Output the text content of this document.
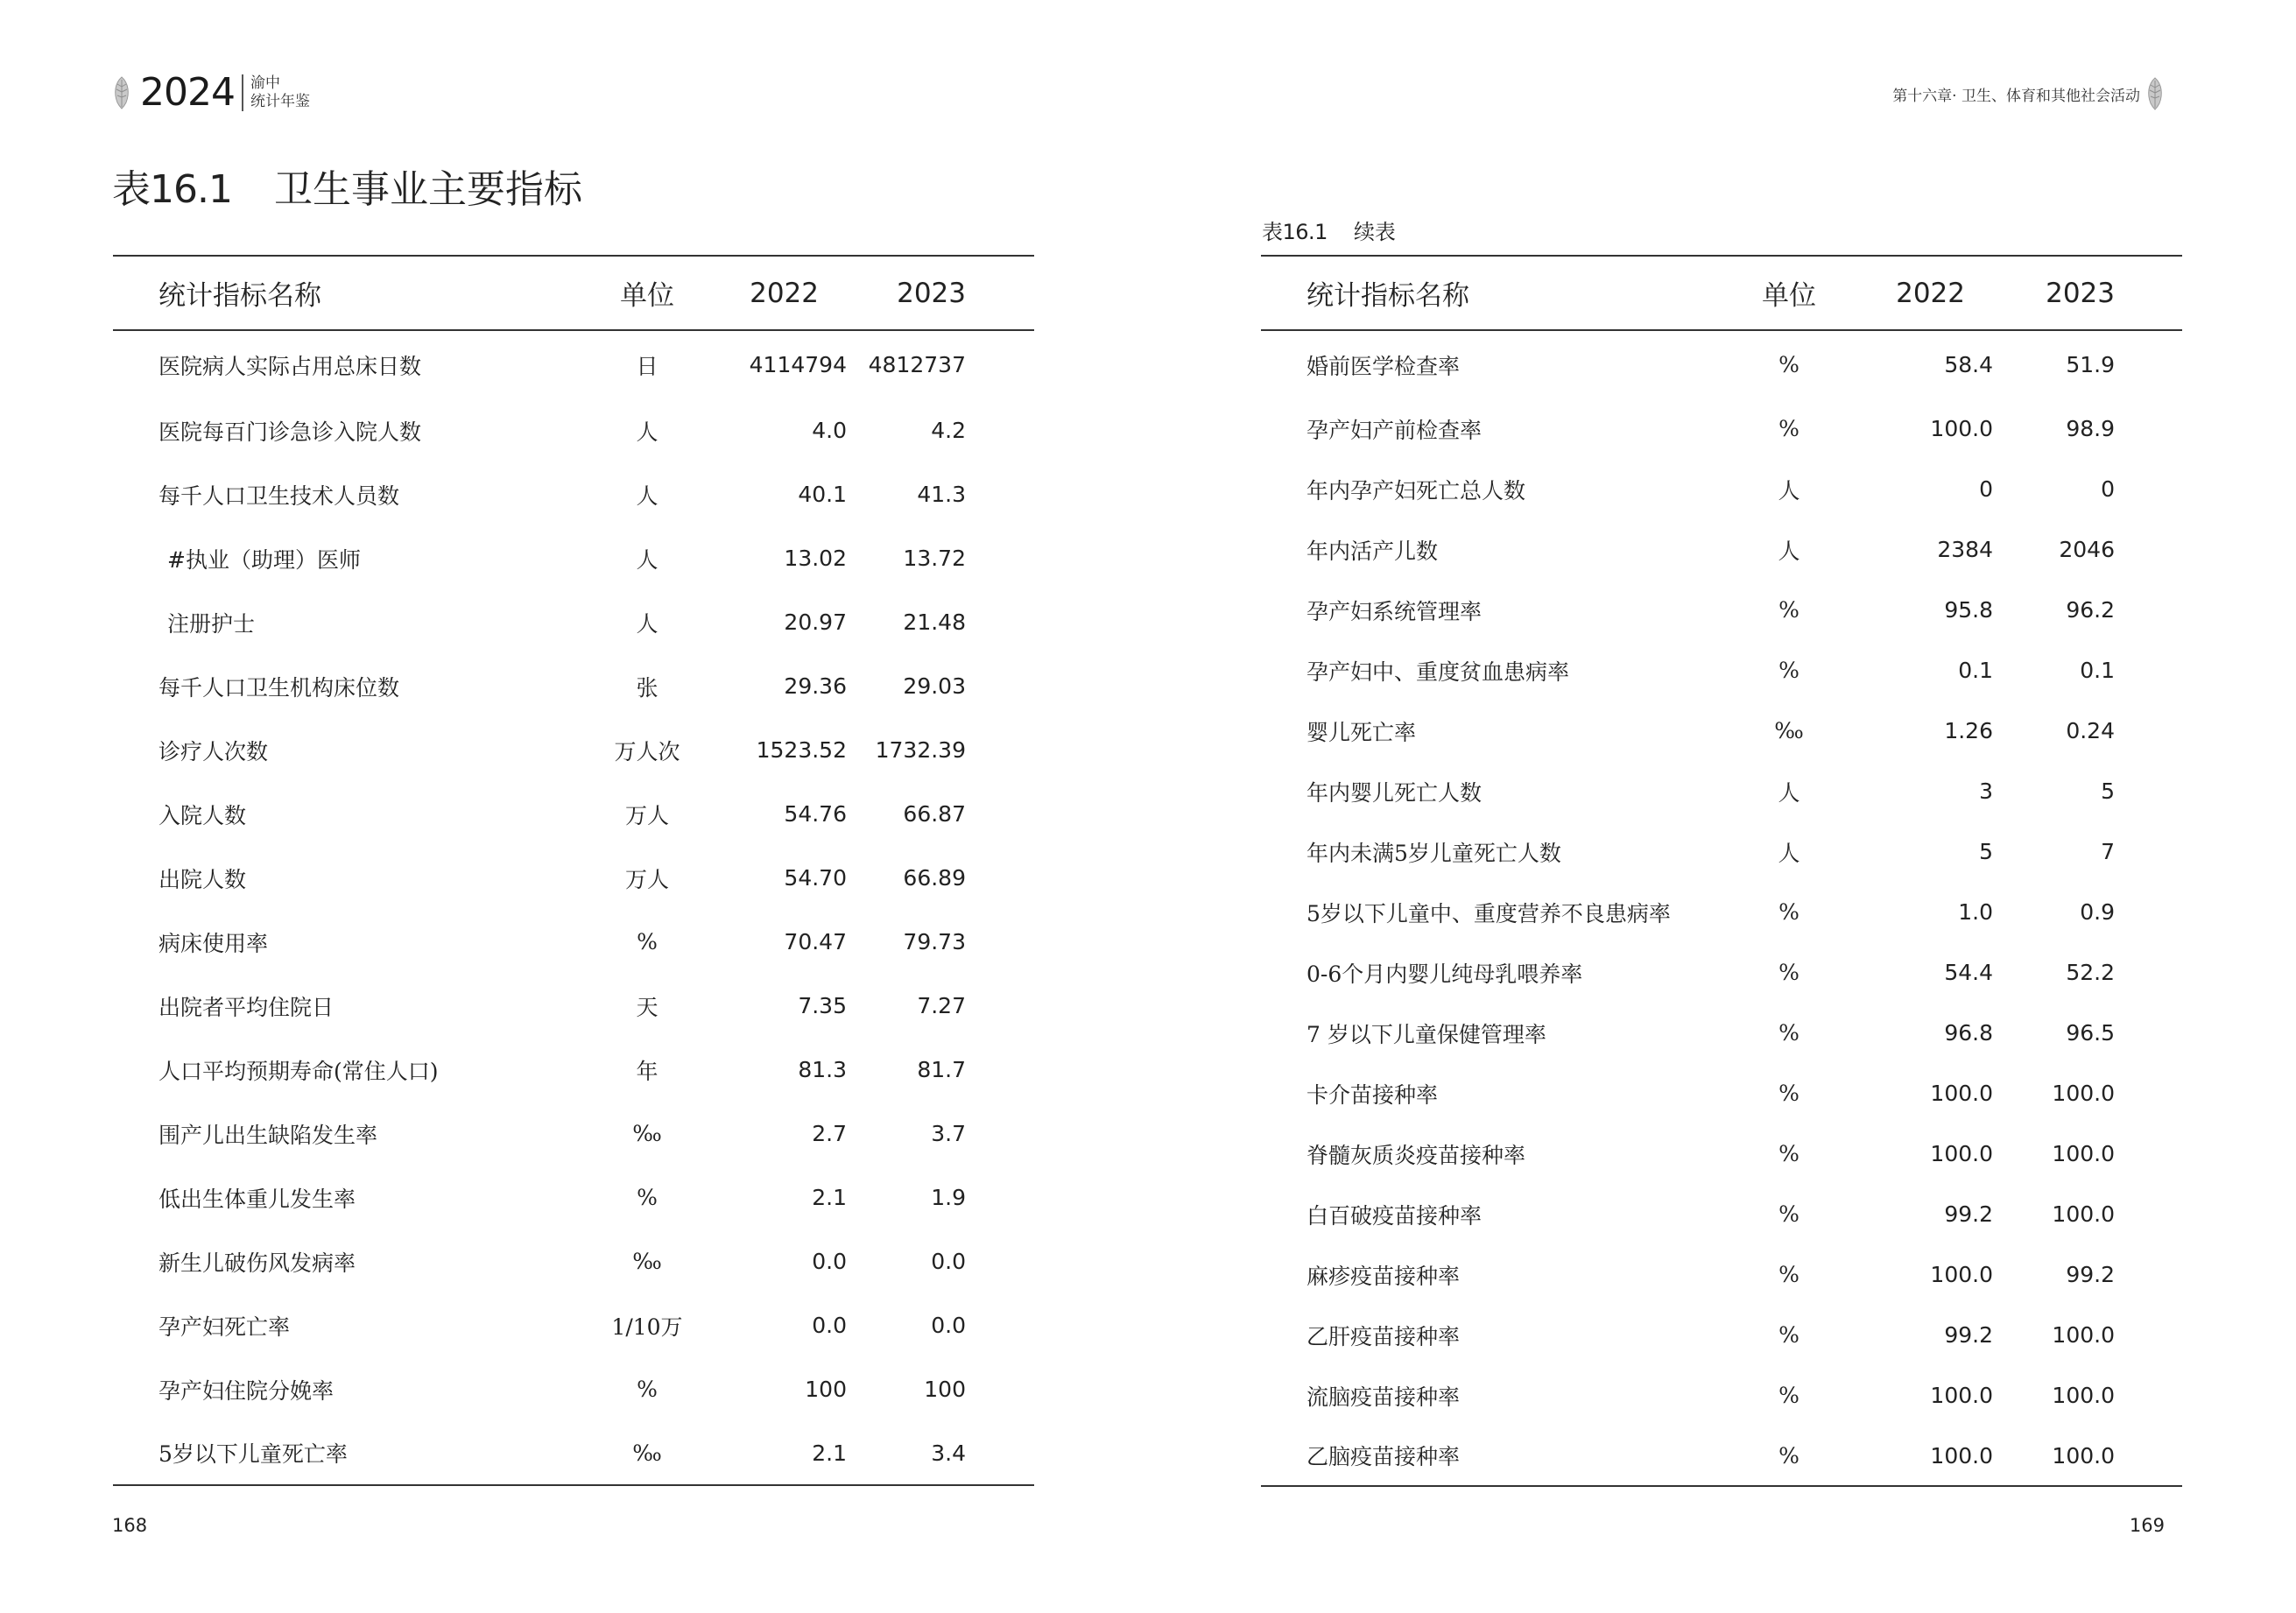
2024 渝中
统计年鉴
表16.1 卫生事业主要指标
统计指标名称	单位	2022	2023
医院病人实际占用总床日数	日	4114794	4812737
医院每百门诊急诊入院人数	人	4.0	4.2
每千人口卫生技术人员数	人	40.1	41.3
#执业（助理）医师	人	13.02	13.72
注册护士	人	20.97	21.48
每千人口卫生机构床位数	张	29.36	29.03
诊疗人次数	万人次	1523.52	1732.39
入院人数	万人	54.76	66.87
出院人数	万人	54.70	66.89
病床使用率	%	70.47	79.73
出院者平均住院日	天	7.35	7.27
人口平均预期寿命(常住人口)	年	81.3	81.7
围产儿出生缺陷发生率	‰	2.7	3.7
低出生体重儿发生率	%	2.1	1.9
新生儿破伤风发病率	‰	0.0	0.0
孕产妇死亡率	1/10万	0.0	0.0
孕产妇住院分娩率	%	100	100
5岁以下儿童死亡率	‰	2.1	3.4
168
第十六章· 卫生、体育和其他社会活动
表16.1 续表
统计指标名称	单位	2022	2023
婚前医学检查率	%	58.4	51.9
孕产妇产前检查率	%	100.0	98.9
年内孕产妇死亡总人数	人	0	0
年内活产儿数	人	2384	2046
孕产妇系统管理率	%	95.8	96.2
孕产妇中、重度贫血患病率	%	0.1	0.1
婴儿死亡率	‰	1.26	0.24
年内婴儿死亡人数	人	3	5
年内未满5岁儿童死亡人数	人	5	7
5岁以下儿童中、重度营养不良患病率	%	1.0	0.9
0-6个月内婴儿纯母乳喂养率	%	54.4	52.2
7 岁以下儿童保健管理率	%	96.8	96.5
卡介苗接种率	%	100.0	100.0
脊髓灰质炎疫苗接种率	%	100.0	100.0
白百破疫苗接种率	%	99.2	100.0
麻疹疫苗接种率	%	100.0	99.2
乙肝疫苗接种率	%	99.2	100.0
流脑疫苗接种率	%	100.0	100.0
乙脑疫苗接种率	%	100.0	100.0
169
